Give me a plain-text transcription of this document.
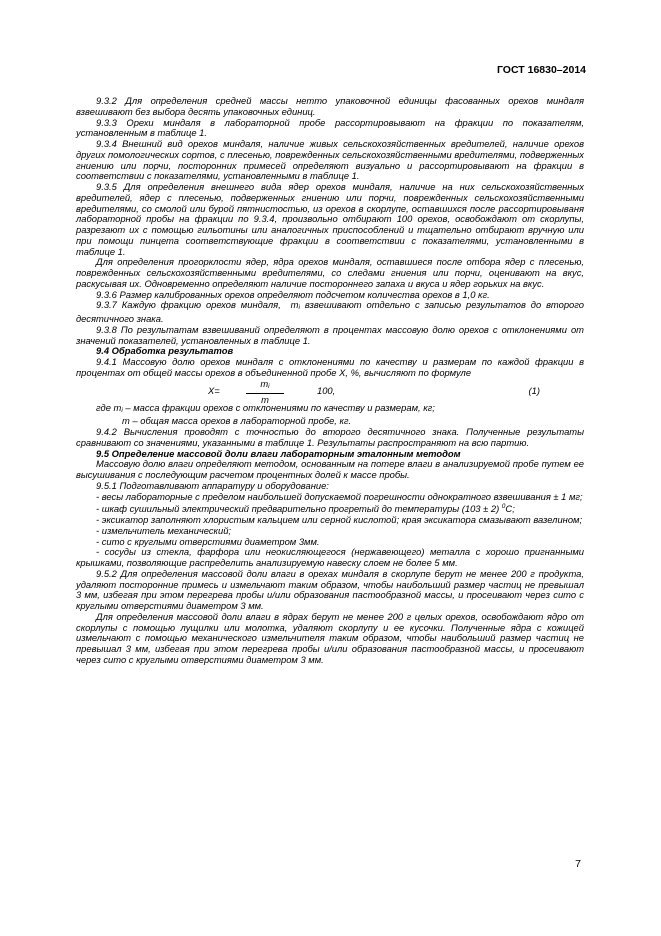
ГОСТ 16830–2014

9.3.2 Для определения средней массы нетто упаковочной единицы фасованных орехов миндаля взвешивают без выбора десять упаковочных единиц.

9.3.3 Орехи миндаля в лабораторной пробе рассортировывают на фракции по показателям, установленным в таблице 1.

9.3.4 Внешний вид орехов миндаля, наличие живых сельскохозяйственных вредителей, наличие орехов других помологических сортов, с плесенью, поврежденных сельскохозяйственными вредителями, подверженных гниению или порчи, посторонних примесей определяют визуально и рассортировывают на фракции в соответствии с показателями, установленными в таблице 1.

9.3.5 Для определения внешнего вида ядер орехов миндаля, наличие на них сельскохозяйственных вредителей, ядер с плесенью, подверженных гниению или порчи, поврежденных сельскохозяйственными вредителями, со смолой или бурой пятнистостью, из орехов в скорлупе, оставшихся после рассортировываня лабораторной пробы на фракции по 9.3.4, произвольно отбирают 100 орехов, освобождают от скорлупы, разрезают их с помощью гильотины или аналогичных приспособлений и тщательно отбирают вручную или при помощи пинцета соответствующие фракции в соответствии с показателями, установленными в таблице 1.

Для определения прогорклости ядер, ядра орехов миндаля, оставшиеся после отбора ядер с плесенью, поврежденных сельскохозяйственными вредителями, со следами гниения или порчи, оценивают на вкус, раскусывая их. Одновременно определяют наличие постороннего запаха и вкуса и ядер горьких на вкус.

9.3.6 Размер калиброванных орехов определяют подсчетом количества орехов в 1,0 кг.

9.3.7 Каждую фракцию орехов миндаля, $m_i$ взвешивают отдельно с записью результатов до второго десятичного знака.

9.3.8 По результатам взвешиваний определяют в процентах массовую долю орехов с отклонениями от значений показателей, установленных в таблице 1.

9.4 Обработка результатов

9.4.1 Массовую долю орехов миндаля с отклонениями по качеству и размерам по каждой фракции в процентах от общей массы орехов в объединенной пробе X, %, вычисляют по формуле

X=	$\frac{m_i}{m}$	100,	(1)

где $m_i$ – масса фракции орехов с отклонениями по качеству и размерам, кг;

m – общая масса орехов в лабораторной пробе, кг.

9.4.2 Вычисления проводят с точностью до второго десятичного знака. Полученные результаты сравнивают со значениями, указанными в таблице 1. Результаты распространяют на всю партию.

9.5 Определение массовой доли влаги лабораторным эталонным методом

Массовую долю влаги определяют методом, основанным на потере влаги в анализируемой пробе путем ее высушивания с последующим расчетом процентных долей к массе пробы.

9.5.1 Подготавливают аппаратуру и оборудование:

- весы лабораторные с пределом наибольшей допускаемой погрешности однократного взвешивания ± 1 мг;

- шкаф сушильный электрический предварительно прогретый до температуры (103 ± 2) $^0$С;

- эксикатор заполняют хлористым кальцием или серной кислотой; края эксикатора смазывают вазелином;

- измельчитель механический;

- сито с круглыми отверстиями диаметром 3мм.

- сосуды из стекла, фарфора или неокисляющегося (нержавеющего) металла с хорошо пригнанными крышками, позволяющие распределить анализируемую навеску слоем не более 5 мм.

9.5.2 Для определения массовой доли влаги в орехах миндаля в скорлупе берут не менее 200 г продукта, удаляют посторонние примесь и измельчают таким образом, чтобы наибольший размер частиц не превышал 3 мм, избегая при этом перегрева пробы и/или образования пастообразной массы, и просеивают через сито с круглыми отверстиями диаметром 3 мм.

Для определения массовой доли влаги в ядрах берут не менее 200 г целых орехов, освобождают ядро от скорлупы с помощью лущилки или молотка, удаляют скорлупу и ее кусочки. Полученные ядра с кожицей измельчают с помощью механического измельчителя таким образом, чтобы наибольший размер частиц не превышал 3 мм, избегая при этом перегрева пробы и/или образования пастообразной массы, и просеивают через сито с круглыми отверстиями диаметром 3 мм.

7
